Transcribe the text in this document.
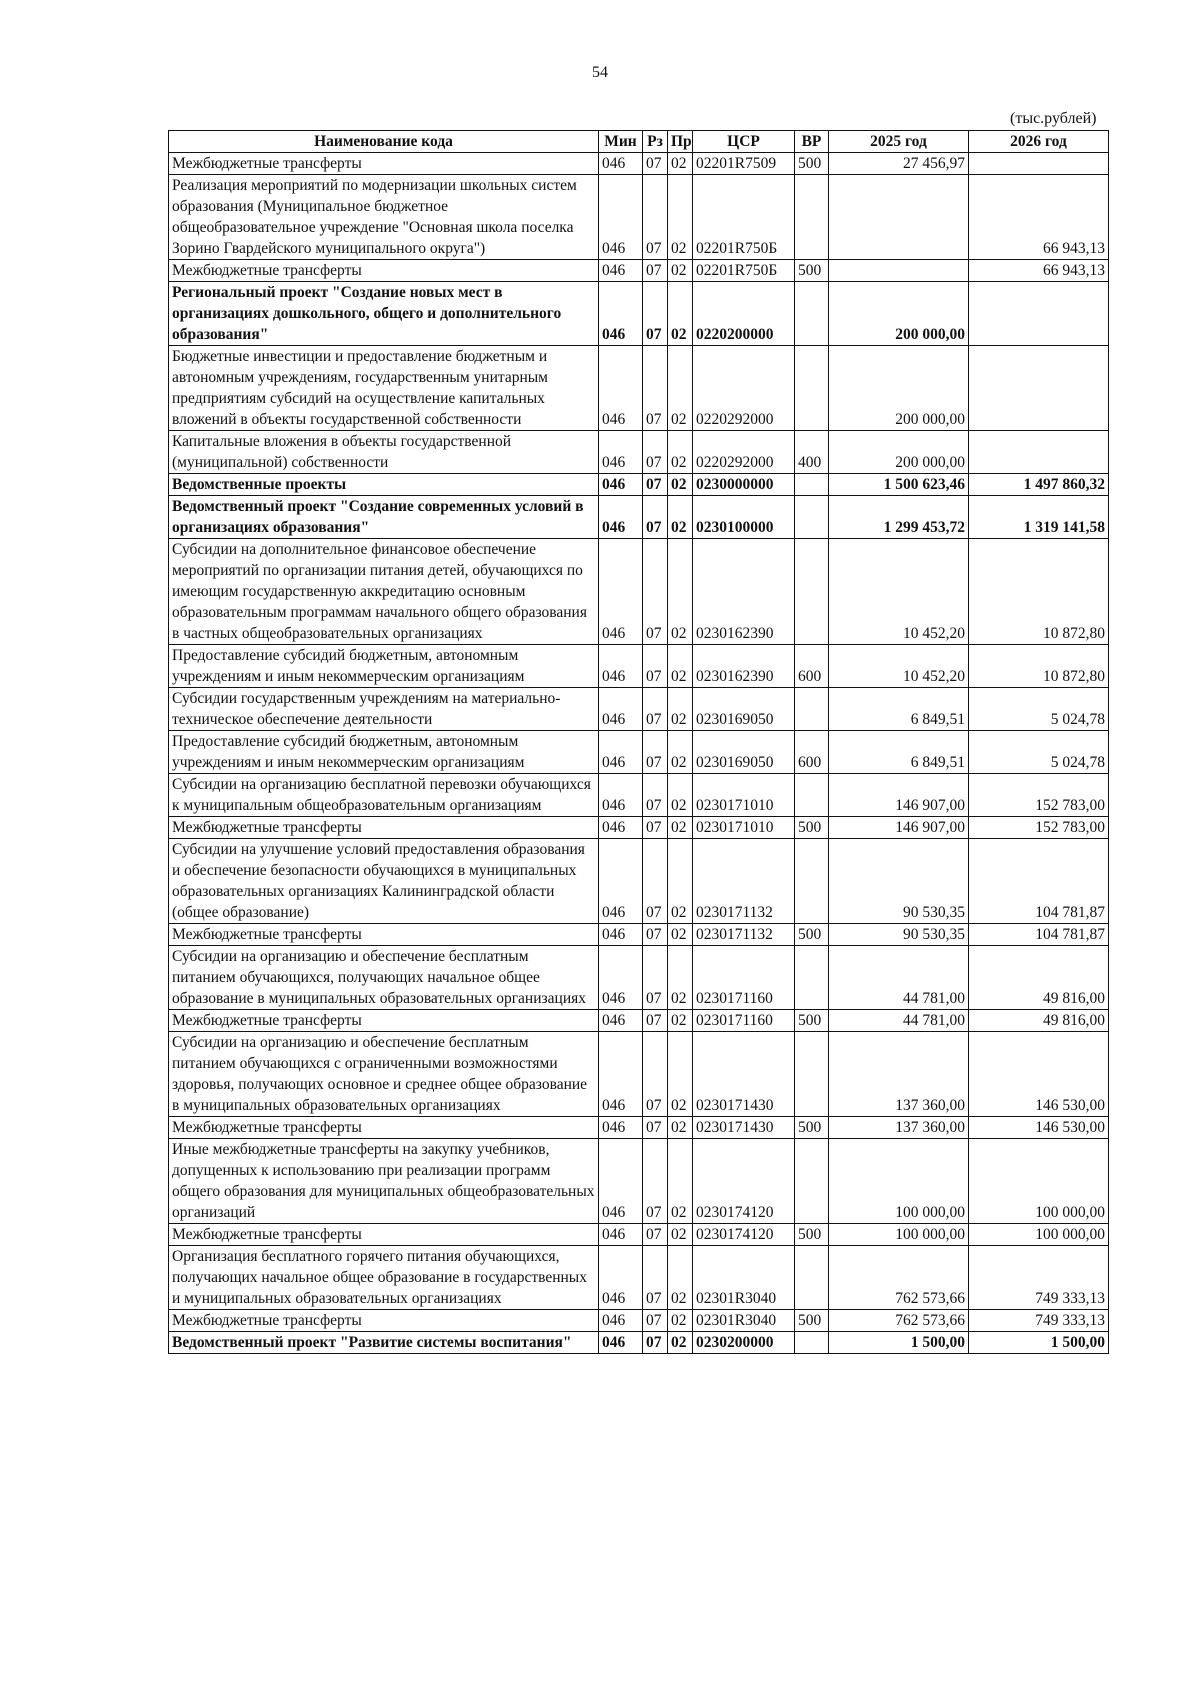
54
(тыс.рублей)
Наименование кода	Мин	Рз	Пр	ЦСР	ВР	2025 год	2026 год
Межбюджетные трансферты	046	07	02	02201R7509	500	27 456,97	
Реализация мероприятий по модернизации школьных систем образования (Муниципальное бюджетное общеобразовательное учреждение "Основная школа поселка Зорино Гвардейского муниципального округа")	046	07	02	02201R750Б			66 943,13
Межбюджетные трансферты	046	07	02	02201R750Б	500		66 943,13
Региональный проект "Создание новых мест в организациях дошкольного, общего и дополнительного образования"	046	07	02	0220200000		200 000,00	
Бюджетные инвестиции и предоставление бюджетным и автономным учреждениям, государственным унитарным предприятиям субсидий на осуществление капитальных вложений в объекты государственной собственности	046	07	02	0220292000		200 000,00	
Капитальные вложения в объекты государственной (муниципальной) собственности	046	07	02	0220292000	400	200 000,00	
Ведомственные проекты	046	07	02	0230000000		1 500 623,46	1 497 860,32
Ведомственный проект "Создание современных условий в организациях образования"	046	07	02	0230100000		1 299 453,72	1 319 141,58
Субсидии на дополнительное финансовое обеспечение мероприятий по организации питания детей, обучающихся по имеющим государственную аккредитацию основным образовательным программам начального общего образования в частных общеобразовательных организациях	046	07	02	0230162390		10 452,20	10 872,80
Предоставление субсидий бюджетным, автономным учреждениям и иным некоммерческим организациям	046	07	02	0230162390	600	10 452,20	10 872,80
Субсидии государственным учреждениям на материально-техническое обеспечение деятельности	046	07	02	0230169050		6 849,51	5 024,78
Предоставление субсидий бюджетным, автономным учреждениям и иным некоммерческим организациям	046	07	02	0230169050	600	6 849,51	5 024,78
Субсидии на организацию бесплатной перевозки обучающихся к муниципальным общеобразовательным организациям	046	07	02	0230171010		146 907,00	152 783,00
Межбюджетные трансферты	046	07	02	0230171010	500	146 907,00	152 783,00
Субсидии на улучшение условий предоставления образования и обеспечение безопасности обучающихся в муниципальных образовательных организациях Калининградской области (общее образование)	046	07	02	0230171132		90 530,35	104 781,87
Межбюджетные трансферты	046	07	02	0230171132	500	90 530,35	104 781,87
Субсидии на организацию и обеспечение бесплатным питанием обучающихся, получающих начальное общее образование в муниципальных образовательных организациях	046	07	02	0230171160		44 781,00	49 816,00
Межбюджетные трансферты	046	07	02	0230171160	500	44 781,00	49 816,00
Субсидии на организацию и обеспечение бесплатным питанием обучающихся с ограниченными возможностями здоровья, получающих основное и среднее общее образование в муниципальных образовательных организациях	046	07	02	0230171430		137 360,00	146 530,00
Межбюджетные трансферты	046	07	02	0230171430	500	137 360,00	146 530,00
Иные межбюджетные трансферты на закупку учебников, допущенных к использованию при реализации программ общего образования для муниципальных общеобразовательных организаций	046	07	02	0230174120		100 000,00	100 000,00
Межбюджетные трансферты	046	07	02	0230174120	500	100 000,00	100 000,00
Организация бесплатного горячего питания обучающихся, получающих начальное общее образование в государственных и муниципальных образовательных организациях	046	07	02	02301R3040		762 573,66	749 333,13
Межбюджетные трансферты	046	07	02	02301R3040	500	762 573,66	749 333,13
Ведомственный проект "Развитие системы воспитания"	046	07	02	0230200000		1 500,00	1 500,00
